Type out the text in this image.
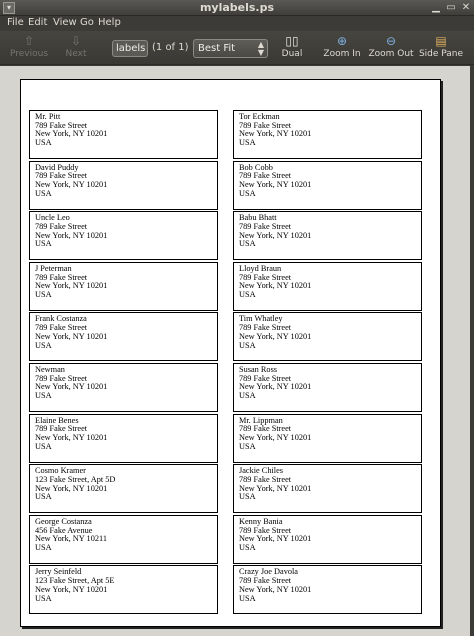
▾	mylabels.ps	▁ ▭ ✕
File Edit View Go Help
⇧
Previous
⇩
Next
▯▯
Dual
⊕
Zoom In
⊖
Zoom Out
▤
Side Pane
labels (1 of 1) Best Fit	▲
▼
Mr. Pitt
789 Fake Street
New York, NY 10201
USA
David Puddy
789 Fake Street
New York, NY 10201
USA
Uncle Leo
789 Fake Street
New York, NY 10201
USA
J Peterman
789 Fake Street
New York, NY 10201
USA
Frank Costanza
789 Fake Street
New York, NY 10201
USA
Newman
789 Fake Street
New York, NY 10201
USA
Elaine Benes
789 Fake Street
New York, NY 10201
USA
Cosmo Kramer
123 Fake Street, Apt 5D
New York, NY 10201
USA
George Costanza
456 Fake Avenue
New York, NY 10211
USA
Jerry Seinfeld
123 Fake Street, Apt 5E
New York, NY 10201
USA
Tor Eckman
789 Fake Street
New York, NY 10201
USA
Bob Cobb
789 Fake Street
New York, NY 10201
USA
Babu Bhatt
789 Fake Street
New York, NY 10201
USA
Lloyd Braun
789 Fake Street
New York, NY 10201
USA
Tim Whatley
789 Fake Street
New York, NY 10201
USA
Susan Ross
789 Fake Street
New York, NY 10201
USA
Mr. Lippman
789 Fake Street
New York, NY 10201
USA
Jackie Chiles
789 Fake Street
New York, NY 10201
USA
Kenny Bania
789 Fake Street
New York, NY 10201
USA
Crazy Joe Davola
789 Fake Street
New York, NY 10201
USA
